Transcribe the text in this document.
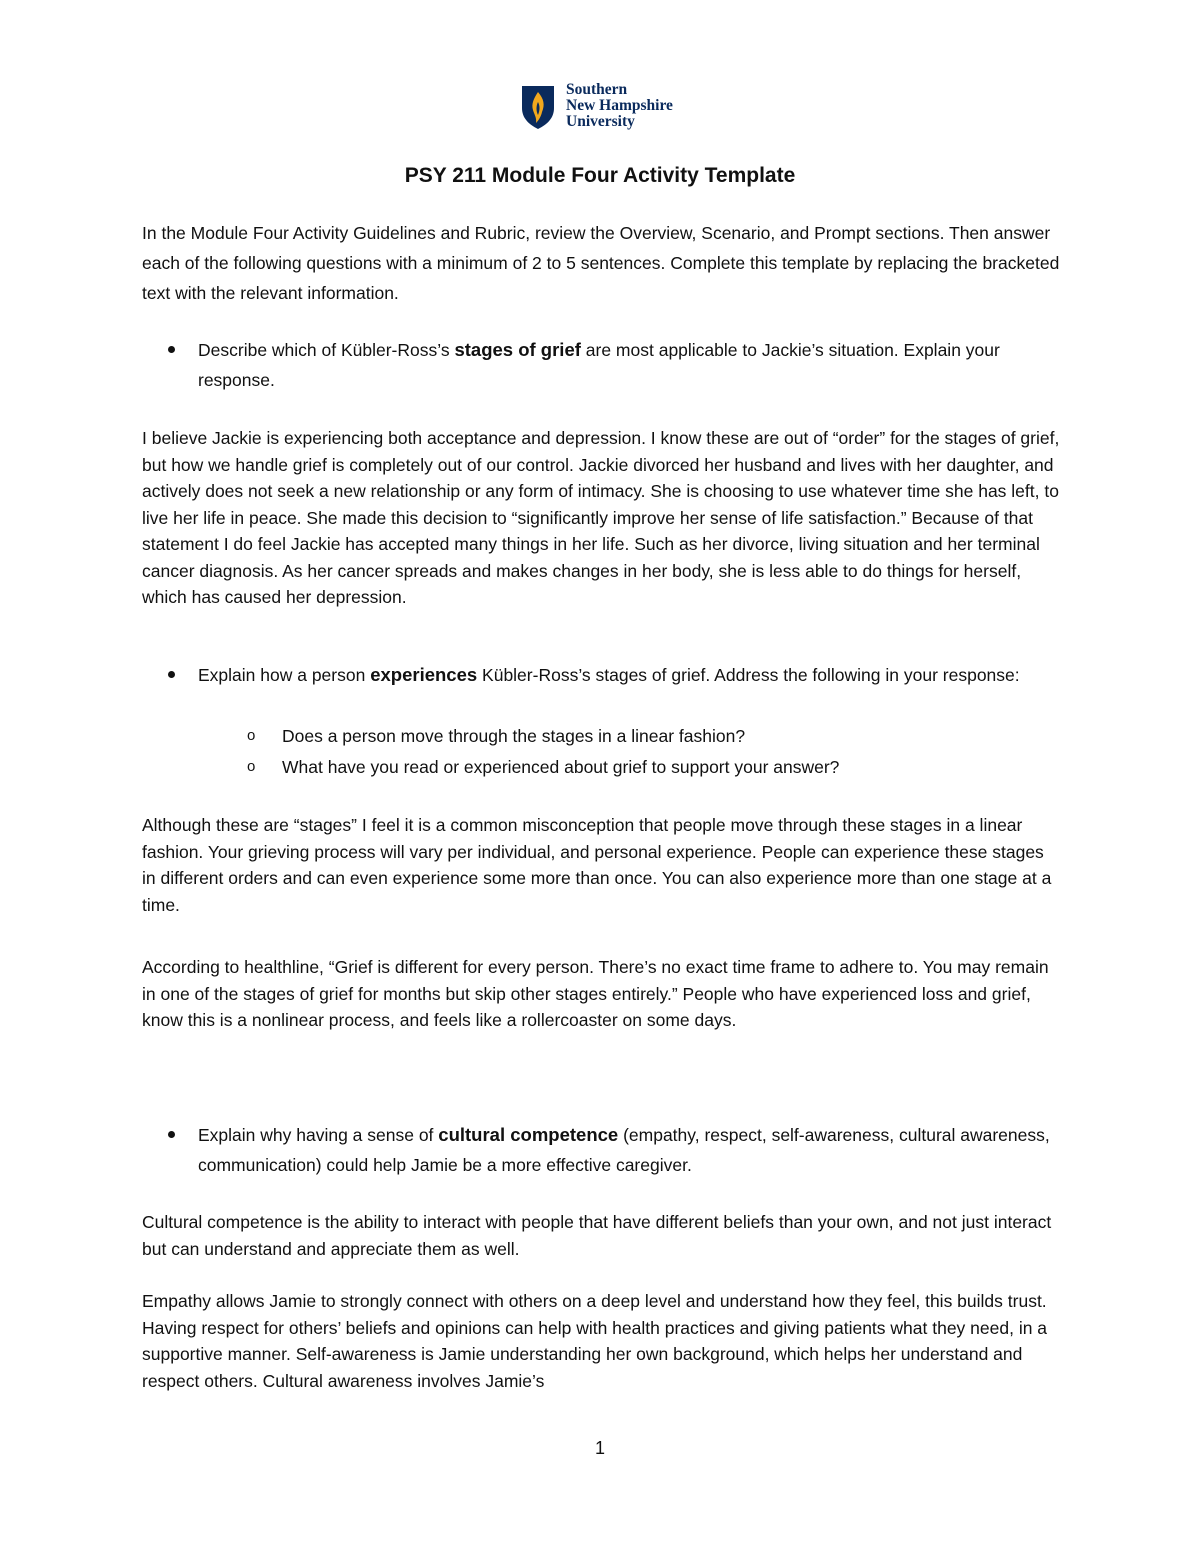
Southern
New Hampshire
University
PSY 211 Module Four Activity Template

In the Module Four Activity Guidelines and Rubric, review the Overview, Scenario, and Prompt sections. Then answer each of the following questions with a minimum of 2 to 5 sentences. Complete this template by replacing the bracketed text with the relevant information.

Describe which of Kübler-Ross’s stages of grief are most applicable to Jackie’s situation. Explain your response.

I believe Jackie is experiencing both acceptance and depression. I know these are out of “order” for the stages of grief, but how we handle grief is completely out of our control. Jackie divorced her husband and lives with her daughter, and actively does not seek a new relationship or any form of intimacy. She is choosing to use whatever time she has left, to live her life in peace. She made this decision to “significantly improve her sense of life satisfaction.” Because of that statement I do feel Jackie has accepted many things in her life. Such as her divorce, living situation and her terminal cancer diagnosis. As her cancer spreads and makes changes in her body, she is less able to do things for herself, which has caused her depression.

Explain how a person experiences Kübler-Ross’s stages of grief. Address the following in your response:

o Does a person move through the stages in a linear fashion?

o What have you read or experienced about grief to support your answer?

Although these are “stages” I feel it is a common misconception that people move through these stages in a linear fashion. Your grieving process will vary per individual, and personal experience. People can experience these stages in different orders and can even experience some more than once. You can also experience more than one stage at a time.

According to healthline, “Grief is different for every person. There’s no exact time frame to adhere to. You may remain in one of the stages of grief for months but skip other stages entirely.” People who have experienced loss and grief, know this is a nonlinear process, and feels like a rollercoaster on some days.

Explain why having a sense of cultural competence (empathy, respect, self-awareness, cultural awareness, communication) could help Jamie be a more effective caregiver.

Cultural competence is the ability to interact with people that have different beliefs than your own, and not just interact but can understand and appreciate them as well.

Empathy allows Jamie to strongly connect with others on a deep level and understand how they feel, this builds trust. Having respect for others’ beliefs and opinions can help with health practices and giving patients what they need, in a supportive manner. Self-awareness is Jamie understanding her own background, which helps her understand and respect others. Cultural awareness involves Jamie’s

1
